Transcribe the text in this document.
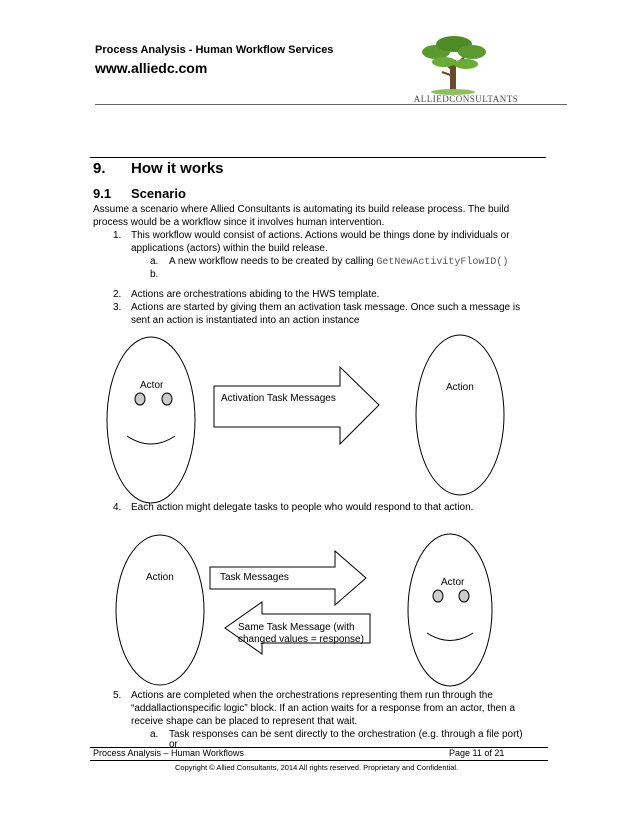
Process Analysis - Human Workflow Services
www.alliedc.com
ALLIEDCONSULTANTS
9. How it works
9.1 Scenario
Assume a scenario where Allied Consultants is automating its build release process. The build
process would be a workflow since it involves human intervention.
1. This workflow would consist of actions. Actions would be things done by individuals or
applications (actors) within the build release.
a. A new workflow needs to be created by calling GetNewActivityFlowID()
b.
2. Actions are orchestrations abiding to the HWS template.
3. Actions are started by giving them an activation task message. Once such a message is
sent an action is instantiated into an action instance
4. Each action might delegate tasks to people who would respond to that action.
5. Actions are completed when the orchestrations representing them run through the
“addallactionspecific logic” block. If an action waits for a response from an actor, then a
receive shape can be placed to represent that wait.
a. Task responses can be sent directly to the orchestration (e.g. through a file port)
or
Actor
Activation Task Messages
Action
Action	Task Messages	Actor
Same Task Message (with
changed values = response)
Process Analysis – Human Workflows	Page 11 of 21
Copyright © Allied Consultants, 2014 All rights reserved. Proprietary and Confidential.
